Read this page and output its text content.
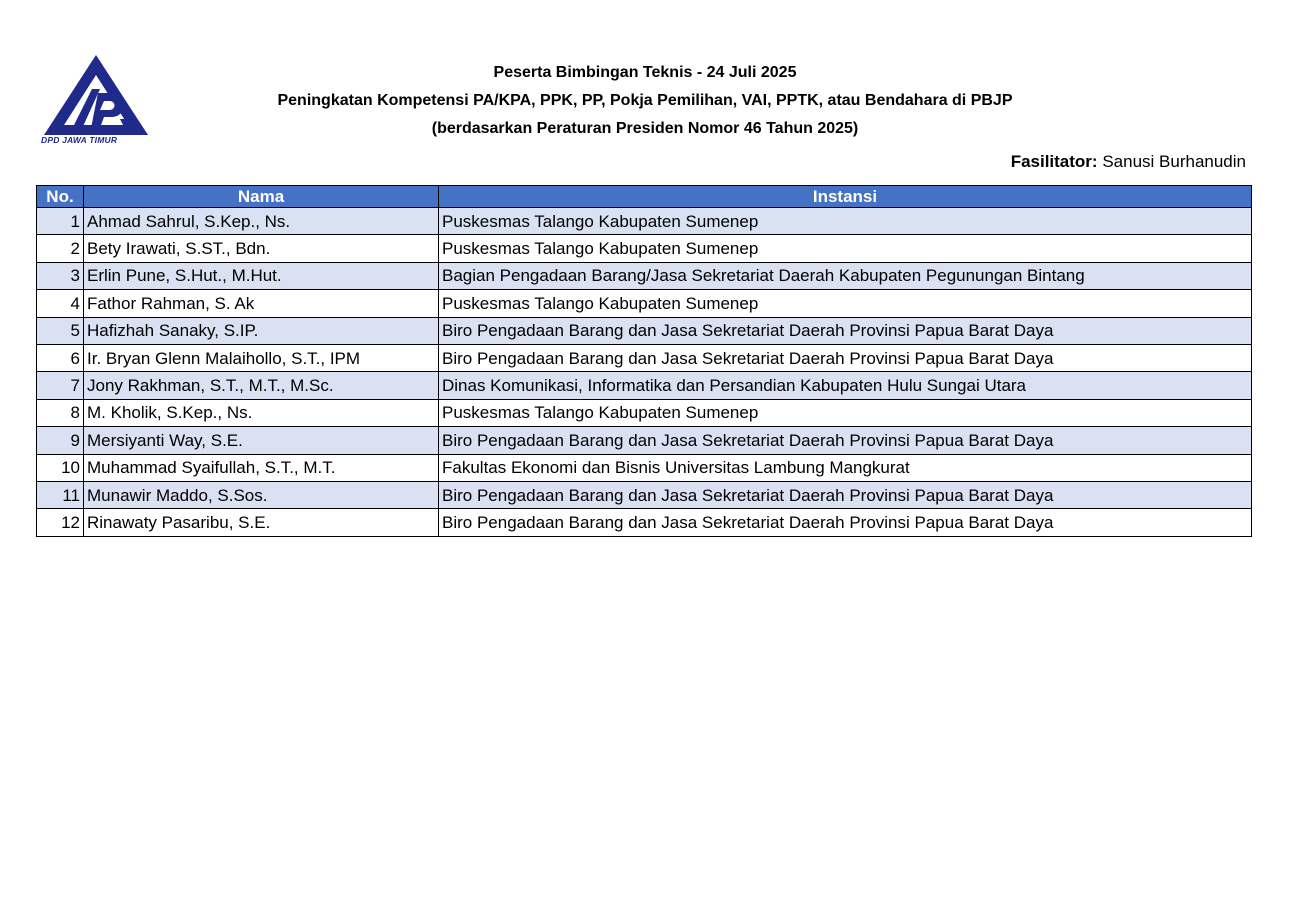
DPD JAWA TIMUR
Peserta Bimbingan Teknis - 24 Juli 2025
Peningkatan Kompetensi PA/KPA, PPK, PP, Pokja Pemilihan, VAI, PPTK, atau Bendahara di PBJP
(berdasarkan Peraturan Presiden Nomor 46 Tahun 2025)
Fasilitator: Sanusi Burhanudin
No.	Nama	Instansi
1	Ahmad Sahrul, S.Kep., Ns.	Puskesmas Talango Kabupaten Sumenep
2	Bety Irawati, S.ST., Bdn.	Puskesmas Talango Kabupaten Sumenep
3	Erlin Pune, S.Hut., M.Hut.	Bagian Pengadaan Barang/Jasa Sekretariat Daerah Kabupaten Pegunungan Bintang
4	Fathor Rahman, S. Ak	Puskesmas Talango Kabupaten Sumenep
5	Hafizhah Sanaky, S.IP.	Biro Pengadaan Barang dan Jasa Sekretariat Daerah Provinsi Papua Barat Daya
6	Ir. Bryan Glenn Malaihollo, S.T., IPM	Biro Pengadaan Barang dan Jasa Sekretariat Daerah Provinsi Papua Barat Daya
7	Jony Rakhman, S.T., M.T., M.Sc.	Dinas Komunikasi, Informatika dan Persandian Kabupaten Hulu Sungai Utara
8	M. Kholik, S.Kep., Ns.	Puskesmas Talango Kabupaten Sumenep
9	Mersiyanti Way, S.E.	Biro Pengadaan Barang dan Jasa Sekretariat Daerah Provinsi Papua Barat Daya
10	Muhammad Syaifullah, S.T., M.T.	Fakultas Ekonomi dan Bisnis Universitas Lambung Mangkurat
11	Munawir Maddo, S.Sos.	Biro Pengadaan Barang dan Jasa Sekretariat Daerah Provinsi Papua Barat Daya
12	Rinawaty Pasaribu, S.E.	Biro Pengadaan Barang dan Jasa Sekretariat Daerah Provinsi Papua Barat Daya
